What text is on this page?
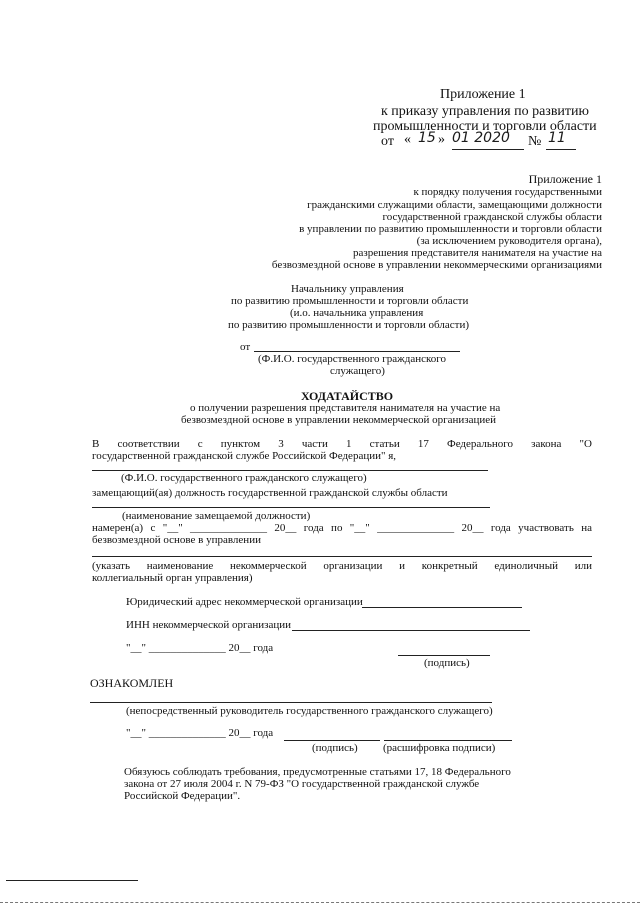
Приложение 1
к приказу управления по развитию
промышленности и торговли области
от « 15 » 01 2020 № 11
Приложение 1
к порядку получения государственными
гражданскими служащими области, замещающими должности
государственной гражданской службы области
в управлении по развитию промышленности и торговли области
(за исключением руководителя органа),
разрешения представителя нанимателя на участие на
безвозмездной основе в управлении некоммерческими организациями
Начальнику управления
по развитию промышленности и торговли области
(и.о. начальника управления
по развитию промышленности и торговли области)
от
(Ф.И.О. государственного гражданского
служащего)
ХОДАТАЙСТВО
о получении разрешения представителя нанимателя на участие на
безвозмездной основе в управлении некоммерческой организацией
В соответствии с пунктом 3 части 1 статьи 17 Федерального закона "О
государственной гражданской службе Российской Федерации" я,
(Ф.И.О. государственного гражданского служащего)
замещающий(ая) должность государственной гражданской службы области
(наименование замещаемой должности)
намерен(а) с "__" ______________ 20__ года по "__" ______________ 20__ года участвовать на
безвозмездной основе в управлении
(указать наименование некоммерческой организации и конкретный единоличный или
коллегиальный орган управления)
Юридический адрес некоммерческой организации
ИНН некоммерческой организации
"__" ______________ 20__ года
(подпись)
ОЗНАКОМЛЕН
(непосредственный руководитель государственного гражданского служащего)
"__" ______________ 20__ года
(подпись) (расшифровка подписи)
Обязуюсь соблюдать требования, предусмотренные статьями 17, 18 Федерального
закона от 27 июля 2004 г. N 79-ФЗ "О государственной гражданской службе
Российской Федерации".
